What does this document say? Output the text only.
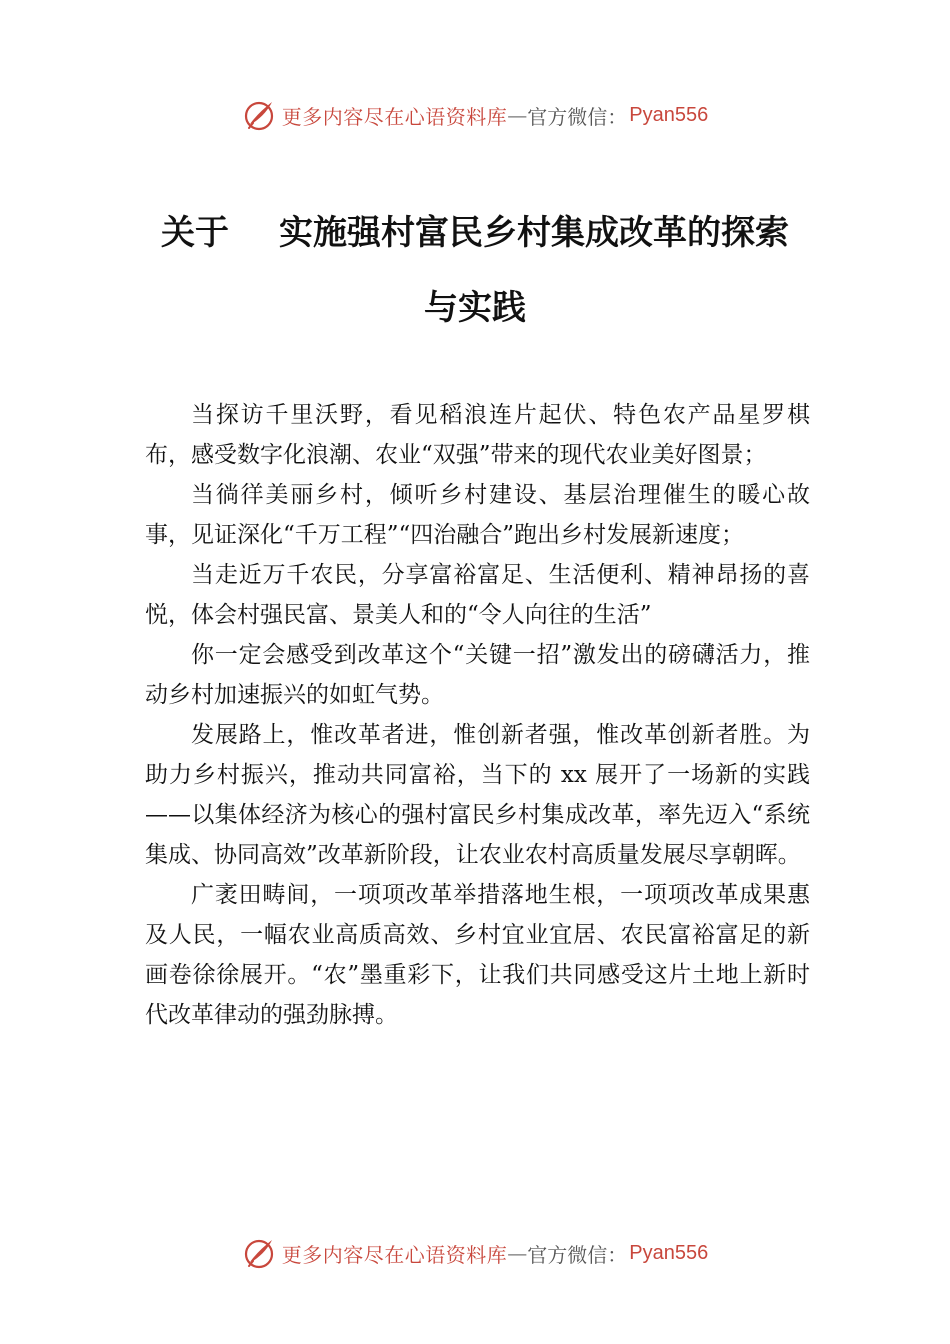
更多内容尽在心语资料库 — 官方微信： Pyan556
关于 实施强村富民乡村集成改革的探索
与实践

当探访千里沃野，看见稻浪连片起伏、特色农产品星罗棋布，感受数字化浪潮、农业“双强”带来的现代农业美好图景；

当徜徉美丽乡村，倾听乡村建设、基层治理催生的暖心故事，见证深化“千万工程”“四治融合”跑出乡村发展新速度；

当走近万千农民，分享富裕富足、生活便利、精神昂扬的喜悦，体会村强民富、景美人和的“令人向往的生活”

你一定会感受到改革这个“关键一招”激发出的磅礴活力，推动乡村加速振兴的如虹气势。

发展路上，惟改革者进，惟创新者强，惟改革创新者胜。为助力乡村振兴，推动共同富裕，当下的 xx 展开了一场新的实践——以集体经济为核心的强村富民乡村集成改革，率先迈入“系统集成、协同高效”改革新阶段，让农业农村高质量发展尽享朝晖。

广袤田畴间，一项项改革举措落地生根，一项项改革成果惠及人民，一幅农业高质高效、乡村宜业宜居、农民富裕富足的新画卷徐徐展开。“农”墨重彩下，让我们共同感受这片土地上新时代改革律动的强劲脉搏。

更多内容尽在心语资料库 — 官方微信： Pyan556
